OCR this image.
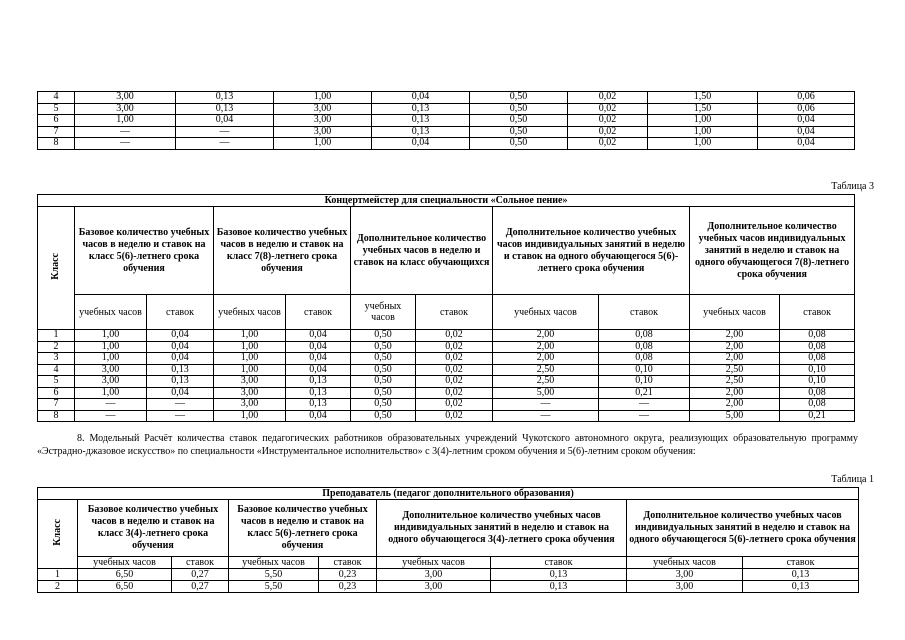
4	3,00	0,13	1,00	0,04	0,50	0,02	1,50	0,06
5	3,00	0,13	3,00	0,13	0,50	0,02	1,50	0,06
6	1,00	0,04	3,00	0,13	0,50	0,02	1,00	0,04
7	—	—	3,00	0,13	0,50	0,02	1,00	0,04
8	—	—	1,00	0,04	0,50	0,02	1,00	0,04
Таблица 3
Концертмейстер для специальности «Сольное пение»										
Класс	Базовое количество учебных часов в неделю и ставок на класс 5(6)-летнего срока обучения		Базовое количество учебных часов в неделю и ставок на класс 7(8)-летнего срока обучения		Дополнительное количество учебных часов в неделю и ставок на класс обучающихся		Дополнительное количество учебных часов индивидуальных занятий в неделю и ставок на одного обучающегося 5(6)-летнего срока обучения		Дополнительное количество учебных часов индивидуальных занятий в неделю и ставок на одного обучающегося 7(8)-летнего срока обучения	
	учебных часов	ставок	учебных часов	ставок	учебных часов	ставок	учебных часов	ставок	учебных часов	ставок
1	1,00	0,04	1,00	0,04	0,50	0,02	2,00	0,08	2,00	0,08
2	1,00	0,04	1,00	0,04	0,50	0,02	2,00	0,08	2,00	0,08
3	1,00	0,04	1,00	0,04	0,50	0,02	2,00	0,08	2,00	0,08
4	3,00	0,13	1,00	0,04	0,50	0,02	2,50	0,10	2,50	0,10
5	3,00	0,13	3,00	0,13	0,50	0,02	2,50	0,10	2,50	0,10
6	1,00	0,04	3,00	0,13	0,50	0,02	5,00	0,21	2,00	0,08
7	—	—	3,00	0,13	0,50	0,02	—	—	2,00	0,08
8	—	—	1,00	0,04	0,50	0,02	—	—	5,00	0,21
8. Модельный Расчёт количества ставок педагогических работников образовательных учреждений Чукотского автономного округа, реализующих образовательную программу «Эстрадно-джазовое искусство» по специальности «Инструментальное исполнительство» с 3(4)-летним сроком обучения и 5(6)-летним сроком обучения:
Таблица 1
Преподаватель (педагог дополнительного образования)								
Класс	Базовое количество учебных часов в неделю и ставок на класс 3(4)-летнего срока обучения		Базовое количество учебных часов в неделю и ставок на класс 5(6)-летнего срока обучения		Дополнительное количество учебных часов индивидуальных занятий в неделю и ставок на одного обучающегося 3(4)-летнего срока обучения		Дополнительное количество учебных часов индивидуальных занятий в неделю и ставок на одного обучающегося 5(6)-летнего срока обучения	
	учебных часов	ставок	учебных часов	ставок	учебных часов	ставок	учебных часов	ставок
1	6,50	0,27	5,50	0,23	3,00	0,13	3,00	0,13
2	6,50	0,27	5,50	0,23	3,00	0,13	3,00	0,13
